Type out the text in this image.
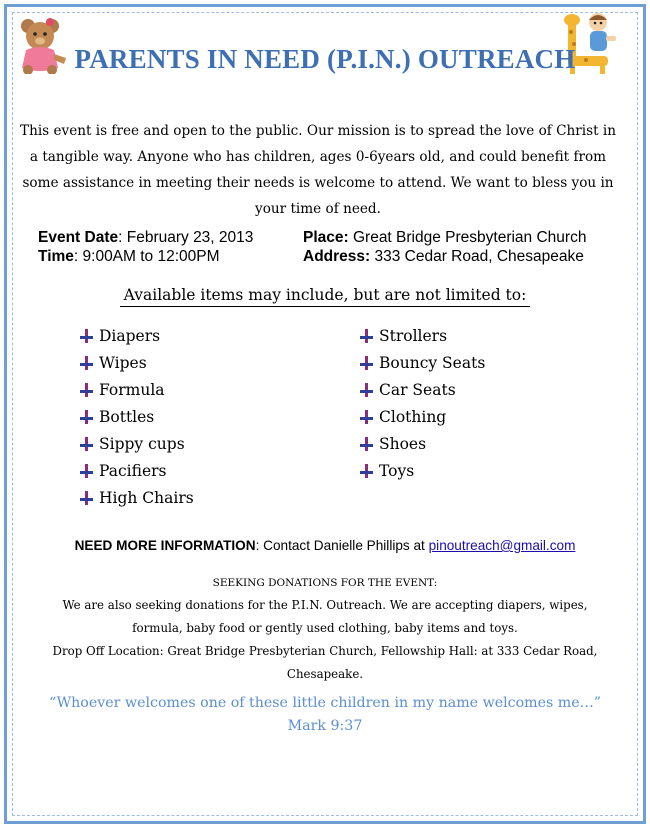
PARENTS IN NEED (P.I.N.) OUTREACH
This event is free and open to the public. Our mission is to spread the love of Christ in a tangible way. Anyone who has children, ages 0-6years old, and could benefit from some assistance in meeting their needs is welcome to attend. We want to bless you in your time of need.
Event Date: February 23, 2013
Time: 9:00AM to 12:00PM
Place: Great Bridge Presbyterian Church
Address: 333 Cedar Road, Chesapeake
Available items may include, but are not limited to:
Diapers
Wipes
Formula
Bottles
Sippy cups
Pacifiers
High Chairs
Strollers
Bouncy Seats
Car Seats
Clothing
Shoes
Toys
NEED MORE INFORMATION: Contact Danielle Phillips at pinoutreach@gmail.com
SEEKING DONATIONS FOR THE EVENT:
We are also seeking donations for the P.I.N. Outreach. We are accepting diapers, wipes, formula, baby food or gently used clothing, baby items and toys.
Drop Off Location: Great Bridge Presbyterian Church, Fellowship Hall: at 333 Cedar Road, Chesapeake.
“Whoever welcomes one of these little children in my name welcomes me…”
Mark 9:37
